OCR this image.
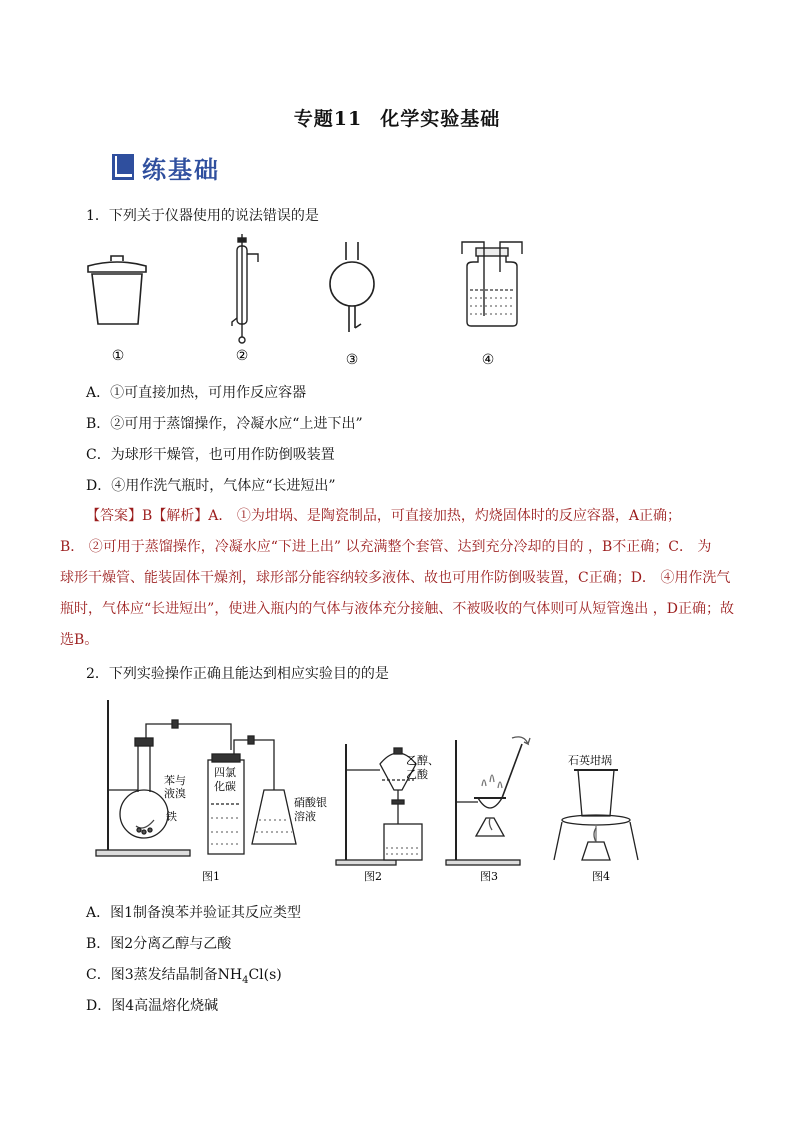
专题11 化学实验基础
练基础
1．下列关于仪器使用的说法错误的是
①	②	③	④
A．①可直接加热，可用作反应容器
B．②可用于蒸馏操作，冷凝水应“上进下出”
C．为球形干燥管，也可用作防倒吸装置
D．④用作洗气瓶时，气体应“长进短出”
【答案】B【解析】A． ①为坩埚、是陶瓷制品，可直接加热，灼烧固体时的反应容器，A正确；
B． ②可用于蒸馏操作，冷凝水应“下进上出” 以充满整个套管、达到充分冷却的目的 ，B不正确；C． 为
球形干燥管、能装固体干燥剂，球形部分能容纳较多液体、故也可用作防倒吸装置，C正确；D． ④用作洗气
瓶时，气体应“长进短出”，使进入瓶内的气体与液体充分接触、不被吸收的气体则可从短管逸出 ，D正确；故
选B。
2．下列实验操作正确且能达到相应实验目的的是
苯与
液溴
铁
四氯
化碳
硝酸银
溶液
图1
乙醇、
乙酸
图2	图3
石英坩埚
图4
A．图1制备溴苯并验证其反应类型
B．图2分离乙醇与乙酸
C．图3蒸发结晶制备$NH_4Cl(s)$
D．图4高温熔化烧碱
